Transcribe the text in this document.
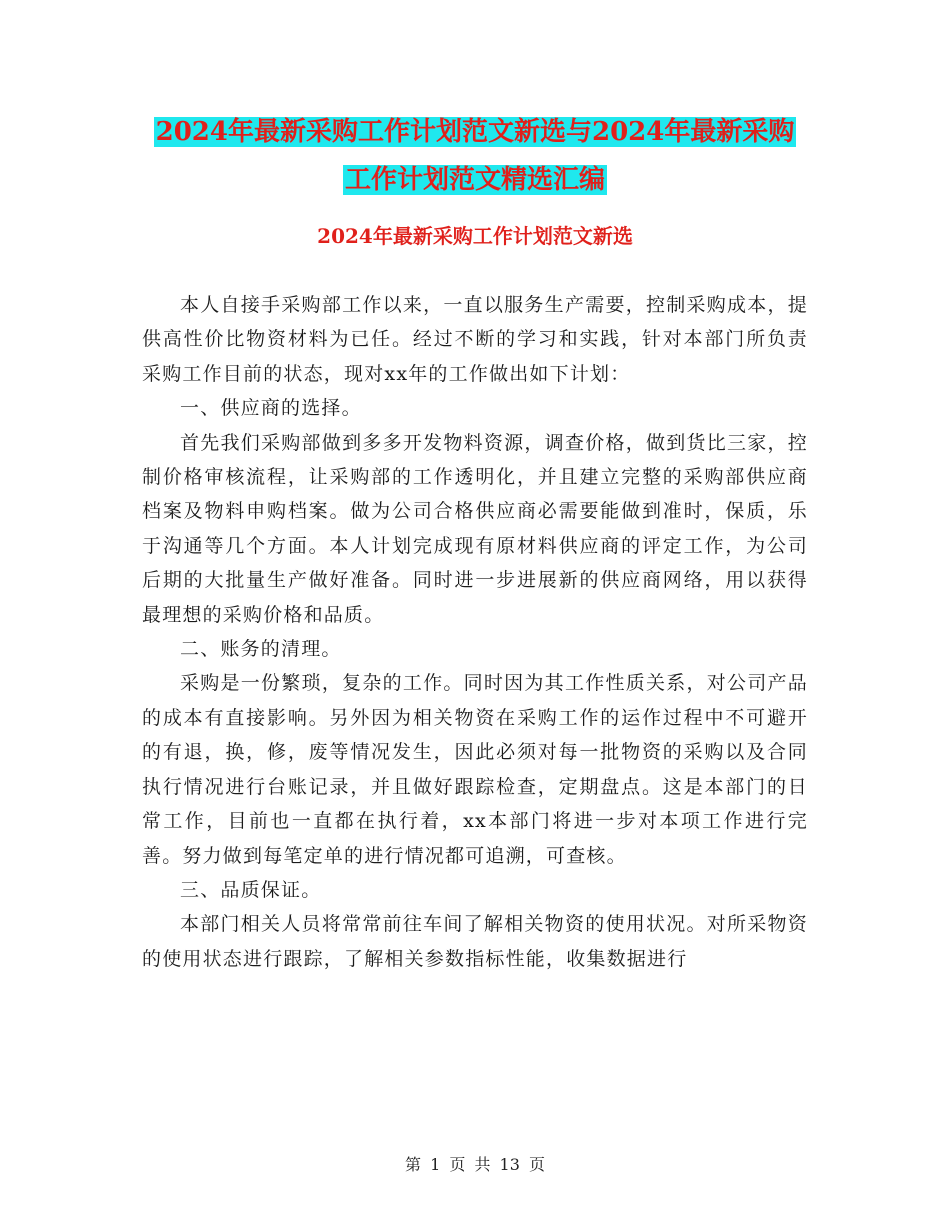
2024年最新采购工作计划范文新选与2024年最新采购
工作计划范文精选汇编
2024年最新采购工作计划范文新选

本人自接手采购部工作以来，一直以服务生产需要，控制采购成本，提供高性价比物资材料为已任。经过不断的学习和实践，针对本部门所负责采购工作目前的状态，现对xx年的工作做出如下计划：

一、供应商的选择。

首先我们采购部做到多多开发物料资源，调查价格，做到货比三家，控制价格审核流程，让采购部的工作透明化，并且建立完整的采购部供应商档案及物料申购档案。做为公司合格供应商必需要能做到准时，保质，乐于沟通等几个方面。本人计划完成现有原材料供应商的评定工作，为公司后期的大批量生产做好准备。同时进一步进展新的供应商网络，用以获得最理想的采购价格和品质。

二、账务的清理。

采购是一份繁琐，复杂的工作。同时因为其工作性质关系，对公司产品的成本有直接影响。另外因为相关物资在采购工作的运作过程中不可避开的有退，换，修，废等情况发生，因此必须对每一批物资的采购以及合同执行情况进行台账记录，并且做好跟踪检查，定期盘点。这是本部门的日常工作，目前也一直都在执行着，xx本部门将进一步对本项工作进行完善。努力做到每笔定单的进行情况都可追溯，可查核。

三、品质保证。

本部门相关人员将常常前往车间了解相关物资的使用状况。对所采物资的使用状态进行跟踪，了解相关参数指标性能，收集数据进行

第 1 页 共 13 页
